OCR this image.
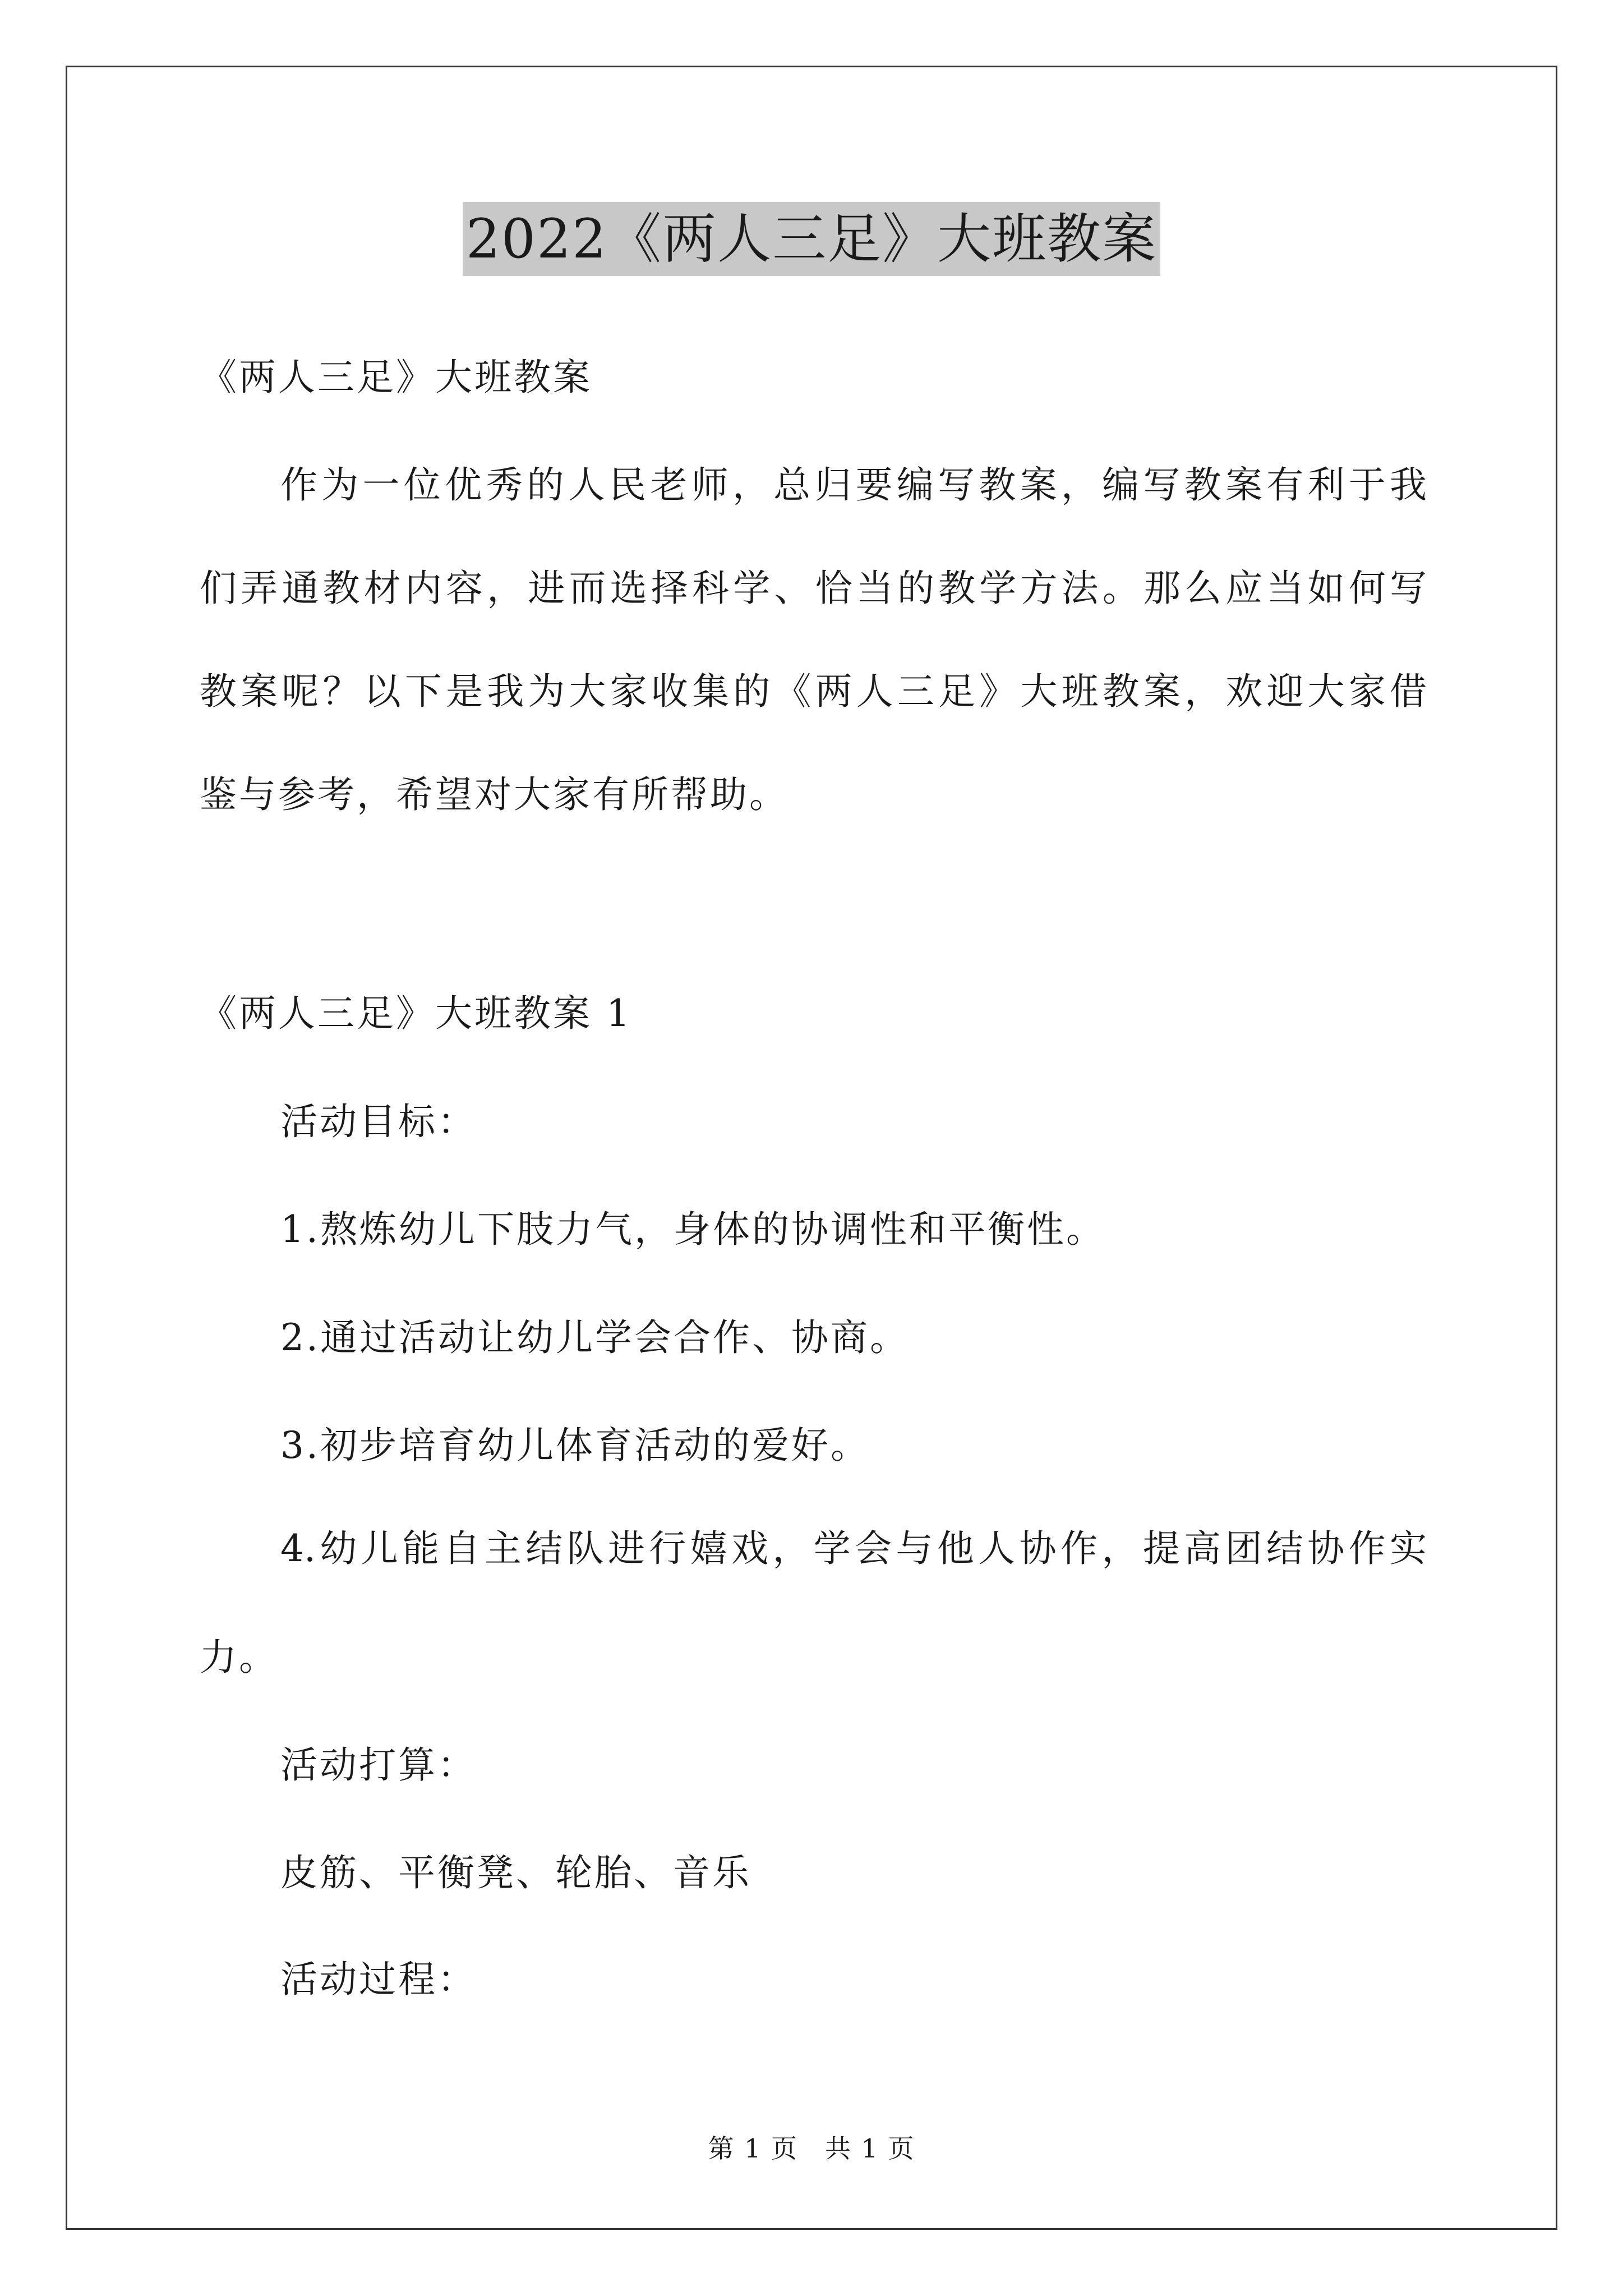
2022《两人三足》大班教案
《两人三足》大班教案
作为一位优秀的人民老师，总归要编写教案，编写教案有利于我
们弄通教材内容，进而选择科学、恰当的教学方法。那么应当如何写
教案呢？以下是我为大家收集的《两人三足》大班教案，欢迎大家借
鉴与参考，希望对大家有所帮助。
《两人三足》大班教案 1
活动目标：
1.熬炼幼儿下肢力气，身体的协调性和平衡性。
2.通过活动让幼儿学会合作、协商。
3.初步培育幼儿体育活动的爱好。
4.幼儿能自主结队进行嬉戏，学会与他人协作，提高团结协作实
力。
活动打算：
皮筋、平衡凳、轮胎、音乐
活动过程：
第 1 页 共 1 页
